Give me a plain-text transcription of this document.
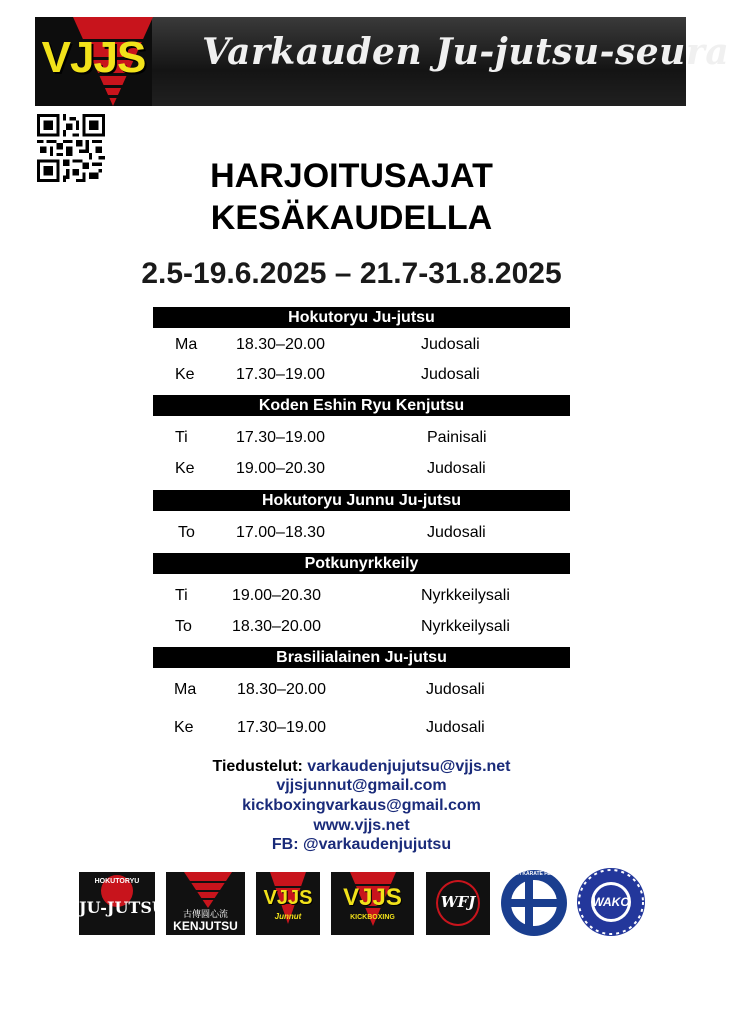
VJJS Varkauden Ju-jutsu-seura
HARJOITUSAJAT
KESÄKAUDELLA
2.5-19.6.2025 – 21.7-31.8.2025
Hokutoryu Ju-jutsu
Ma 18.30–20.00	Judosali
Ke	17.30–19.00	Judosali
Koden Eshin Ryu Kenjutsu
Ti	17.30–19.00	Painisali
Ke	19.00–20.30	Judosali
Hokutoryu Junnu Ju-jutsu
To	17.00–18.30	Judosali
Potkunyrkkeily
Ti	19.00–20.30	Nyrkkeilysali
To	18.30–20.00	Nyrkkeilysali
Brasilialainen Ju-jutsu
Ma	18.30–20.00	Judosali
Ke	17.30–19.00	Judosali
Tiedustelut: varkaudenjujutsu@vjjs.net
vjjsjunnut@gmail.com
kickboxingvarkaus@gmail.com
www.vjjs.net
FB: @varkaudenjujutsu
HOKUTORYU
JU-JUTSU	古傳圓心流
KENJUTSU
VJJS
Junnut
VJJS
KICKBOXING
WFJ
FINNISH KARATE FEDERATION
WAKO
